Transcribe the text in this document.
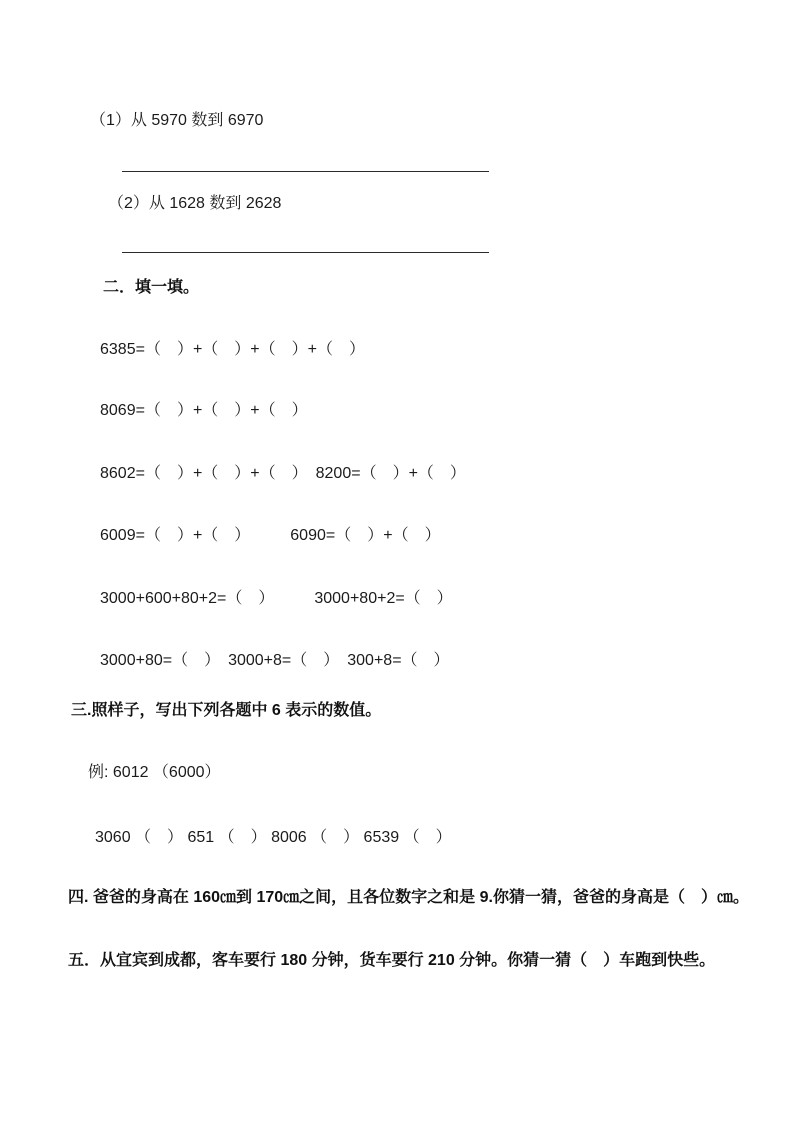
（1）从 5970 数到 6970
（2）从 1628 数到 2628
二．填一填。
6385=（　）+（　）+（　）+（　）
8069=（　）+（　）+（　）
8602=（　）+（　）+（　）　8200=（　）+（　）
6009=（　）+（　）　　　6090=（　）+（　）
3000+600+80+2=（　）　　　3000+80+2=（　）
3000+80=（　）　3000+8=（　）　300+8=（　）
三.照样子，写出下列各题中 6 表示的数值。
例: 6012 （6000）
3060 （　） 651 （　） 8006 （　） 6539 （　）
四. 爸爸的身高在 160㎝到 170㎝之间，且各位数字之和是 9.你猜一猜，爸爸的身高是（　）㎝。
五．从宜宾到成都，客车要行 180 分钟，货车要行 210 分钟。你猜一猜（　）车跑到快些。
